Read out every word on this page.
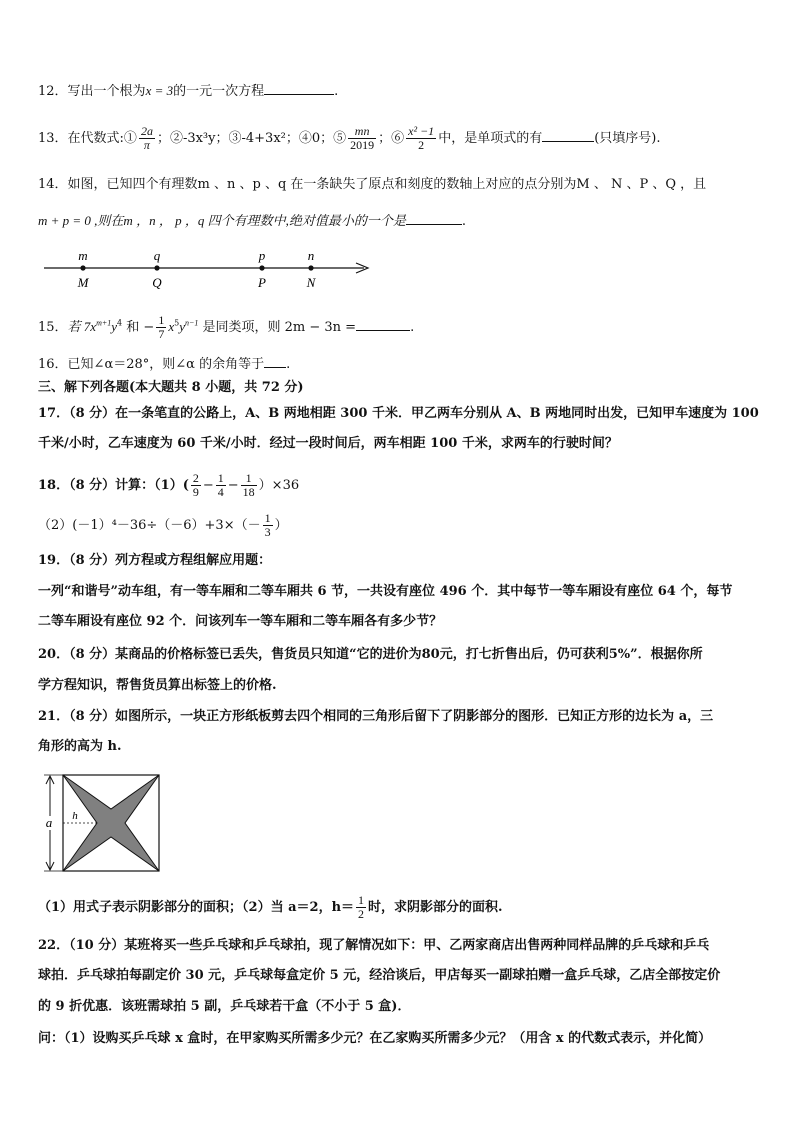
12．写出一个根为x = 3的一元一次方程	.
13．在代数式:① $\frac{2a}{\pi}$ ；②-3x³y；③-4+3x²；④0；⑤ $\frac{mn}{2019}$ ；⑥ $\frac{\text{x² −1}}{2}$ 中，是单项式的有	(只填序号).
14．如图，已知四个有理数m 、n 、p 、q 在一条缺失了原点和刻度的数轴上对应的点分别为M 、 N 、P 、Q ，且
m + p = 0 ,则在m ，n ， p ，q 四个有理数中,绝对值最小的一个是	.
m
M
q
Q
p
P
n
N
15．若 $7x^{m+1}y^4$ 和 − $\frac{1}{7} x^5y^{n-1}$ 是同类项，则 2m − 3n =	.
16．已知∠α＝28°，则∠α 的余角等于 .
三、解下列各题(本大题共 8 小题，共 72 分)
17．（8 分）在一条笔直的公路上，A、B 两地相距 300 千米．甲乙两车分别从 A、B 两地同时出发，已知甲车速度为 100
千米/小时，乙车速度为 60 千米/小时．经过一段时间后，两车相距 100 千米，求两车的行驶时间？
18．（8 分）计算：$(1)( \frac{2}{9} - \frac{1}{4} - \frac{1}{18} )\times 36$
$(2)(-1)^4-36\div(-6)+3\times(- \frac{1}{3}$ ）
19．（8 分）列方程或方程组解应用题：
一列“和谐号”动车组，有一等车厢和二等车厢共 6 节，一共设有座位 496 个．其中每节一等车厢设有座位 64 个，每节
二等车厢设有座位 92 个．问该列车一等车厢和二等车厢各有多少节？
20．（8 分）某商品的价格标签已丢失，售货员只知道“它的进价为80元，打七折售出后，仍可获利5%”．根据你所
学方程知识，帮售货员算出标签上的价格.
21．（8 分）如图所示，一块正方形纸板剪去四个相同的三角形后留下了阴影部分的图形．已知正方形的边长为 a，三
角形的高为 h.
a h
（1）用式子表示阴影部分的面积；（2）当 a＝2，$h= \frac{1}{2}$ 时，求阴影部分的面积.
22．（10 分）某班将买一些乒乓球和乒乓球拍，现了解情况如下：甲、乙两家商店出售两种同样品牌的乒乓球和乒乓
球拍．乒乓球拍每副定价 30 元，乒乓球每盒定价 5 元，经洽谈后，甲店每买一副球拍赠一盒乒乓球，乙店全部按定价
的 9 折优惠．该班需球拍 5 副，乒乓球若干盒（不小于 5 盒)．
问：（1）设购买乒乓球 x 盒时，在甲家购买所需多少元？在乙家购买所需多少元？（用含 x 的代数式表示，并化简）
